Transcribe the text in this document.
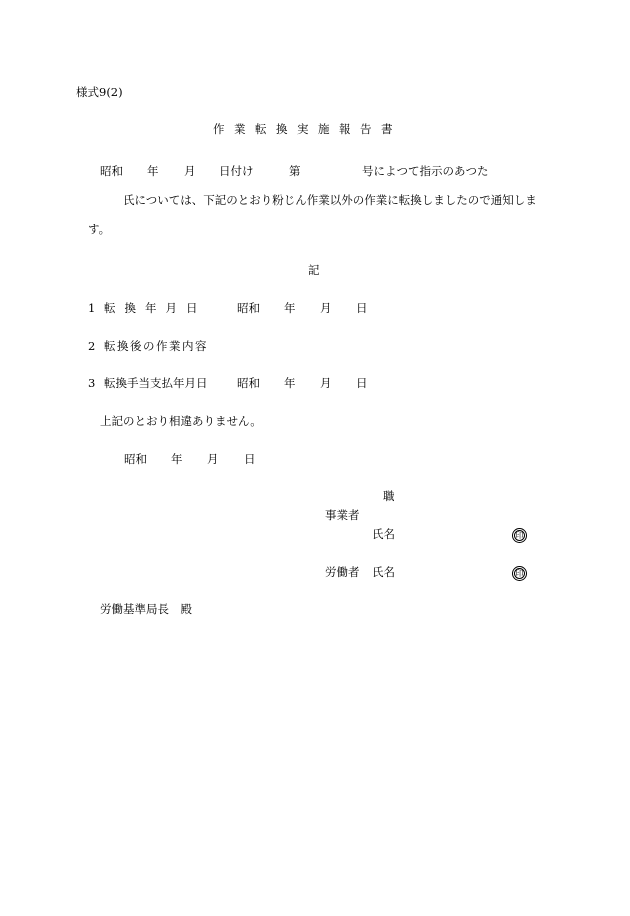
様式9(2)
作業転換実施報告書
昭和 年 月 日付け	第	号によつて指示のあつた
氏については、下記のとおり粉じん作業以外の作業に転換しましたので通知しま
す。
記
1 転換年月日	昭和 年 月 日
2 転換後の作業内容
3 転換手当支払年月日	昭和 年 月 日
上記のとおり相違ありません。
昭和 年 月 日
職
事業者
氏名	印
労働者 氏名	印
労働基準局長　殿
